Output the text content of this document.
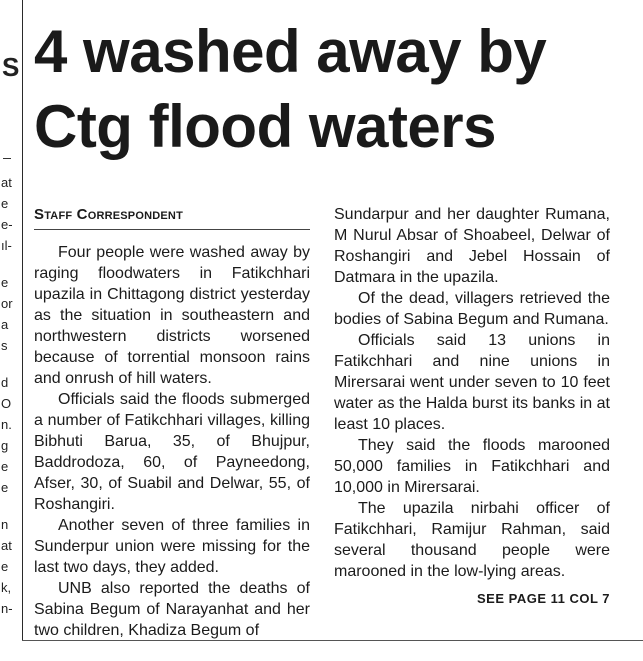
S
at
e
e-
ıl-
e
or
a
s
d
O
n.
g
e
e
n
at
e
k,
n-
4 washed away by
Ctg flood waters
Staff Correspondent

Four people were washed away by raging floodwaters in Fatikchhari upazila in Chittagong district yesterday as the situation in southeastern and northwestern districts worsened because of torrential monsoon rains and onrush of hill waters.

Officials said the floods submerged a number of Fatikchhari villages, killing Bibhuti Barua, 35, of Bhujpur, Baddrodoza, 60, of Payneedong, Afser, 30, of Suabil and Delwar, 55, of Roshangiri.

Another seven of three families in Sunderpur union were missing for the last two days, they added.

UNB also reported the deaths of Sabina Begum of Narayanhat and her two children, Khadiza Begum of

Sundarpur and her daughter Rumana, M Nurul Absar of Shoabeel, Delwar of Roshangiri and Jebel Hossain of Datmara in the upazila.

Of the dead, villagers retrieved the bodies of Sabina Begum and Rumana.

Officials said 13 unions in Fatikchhari and nine unions in Mirersarai went under seven to 10 feet water as the Halda burst its banks in at least 10 places.

They said the floods marooned 50,000 families in Fatikchhari and 10,000 in Mirersarai.

The upazila nirbahi officer of Fatikchhari, Ramijur Rahman, said several thousand people were marooned in the low-lying areas.

SEE PAGE 11 COL 7
